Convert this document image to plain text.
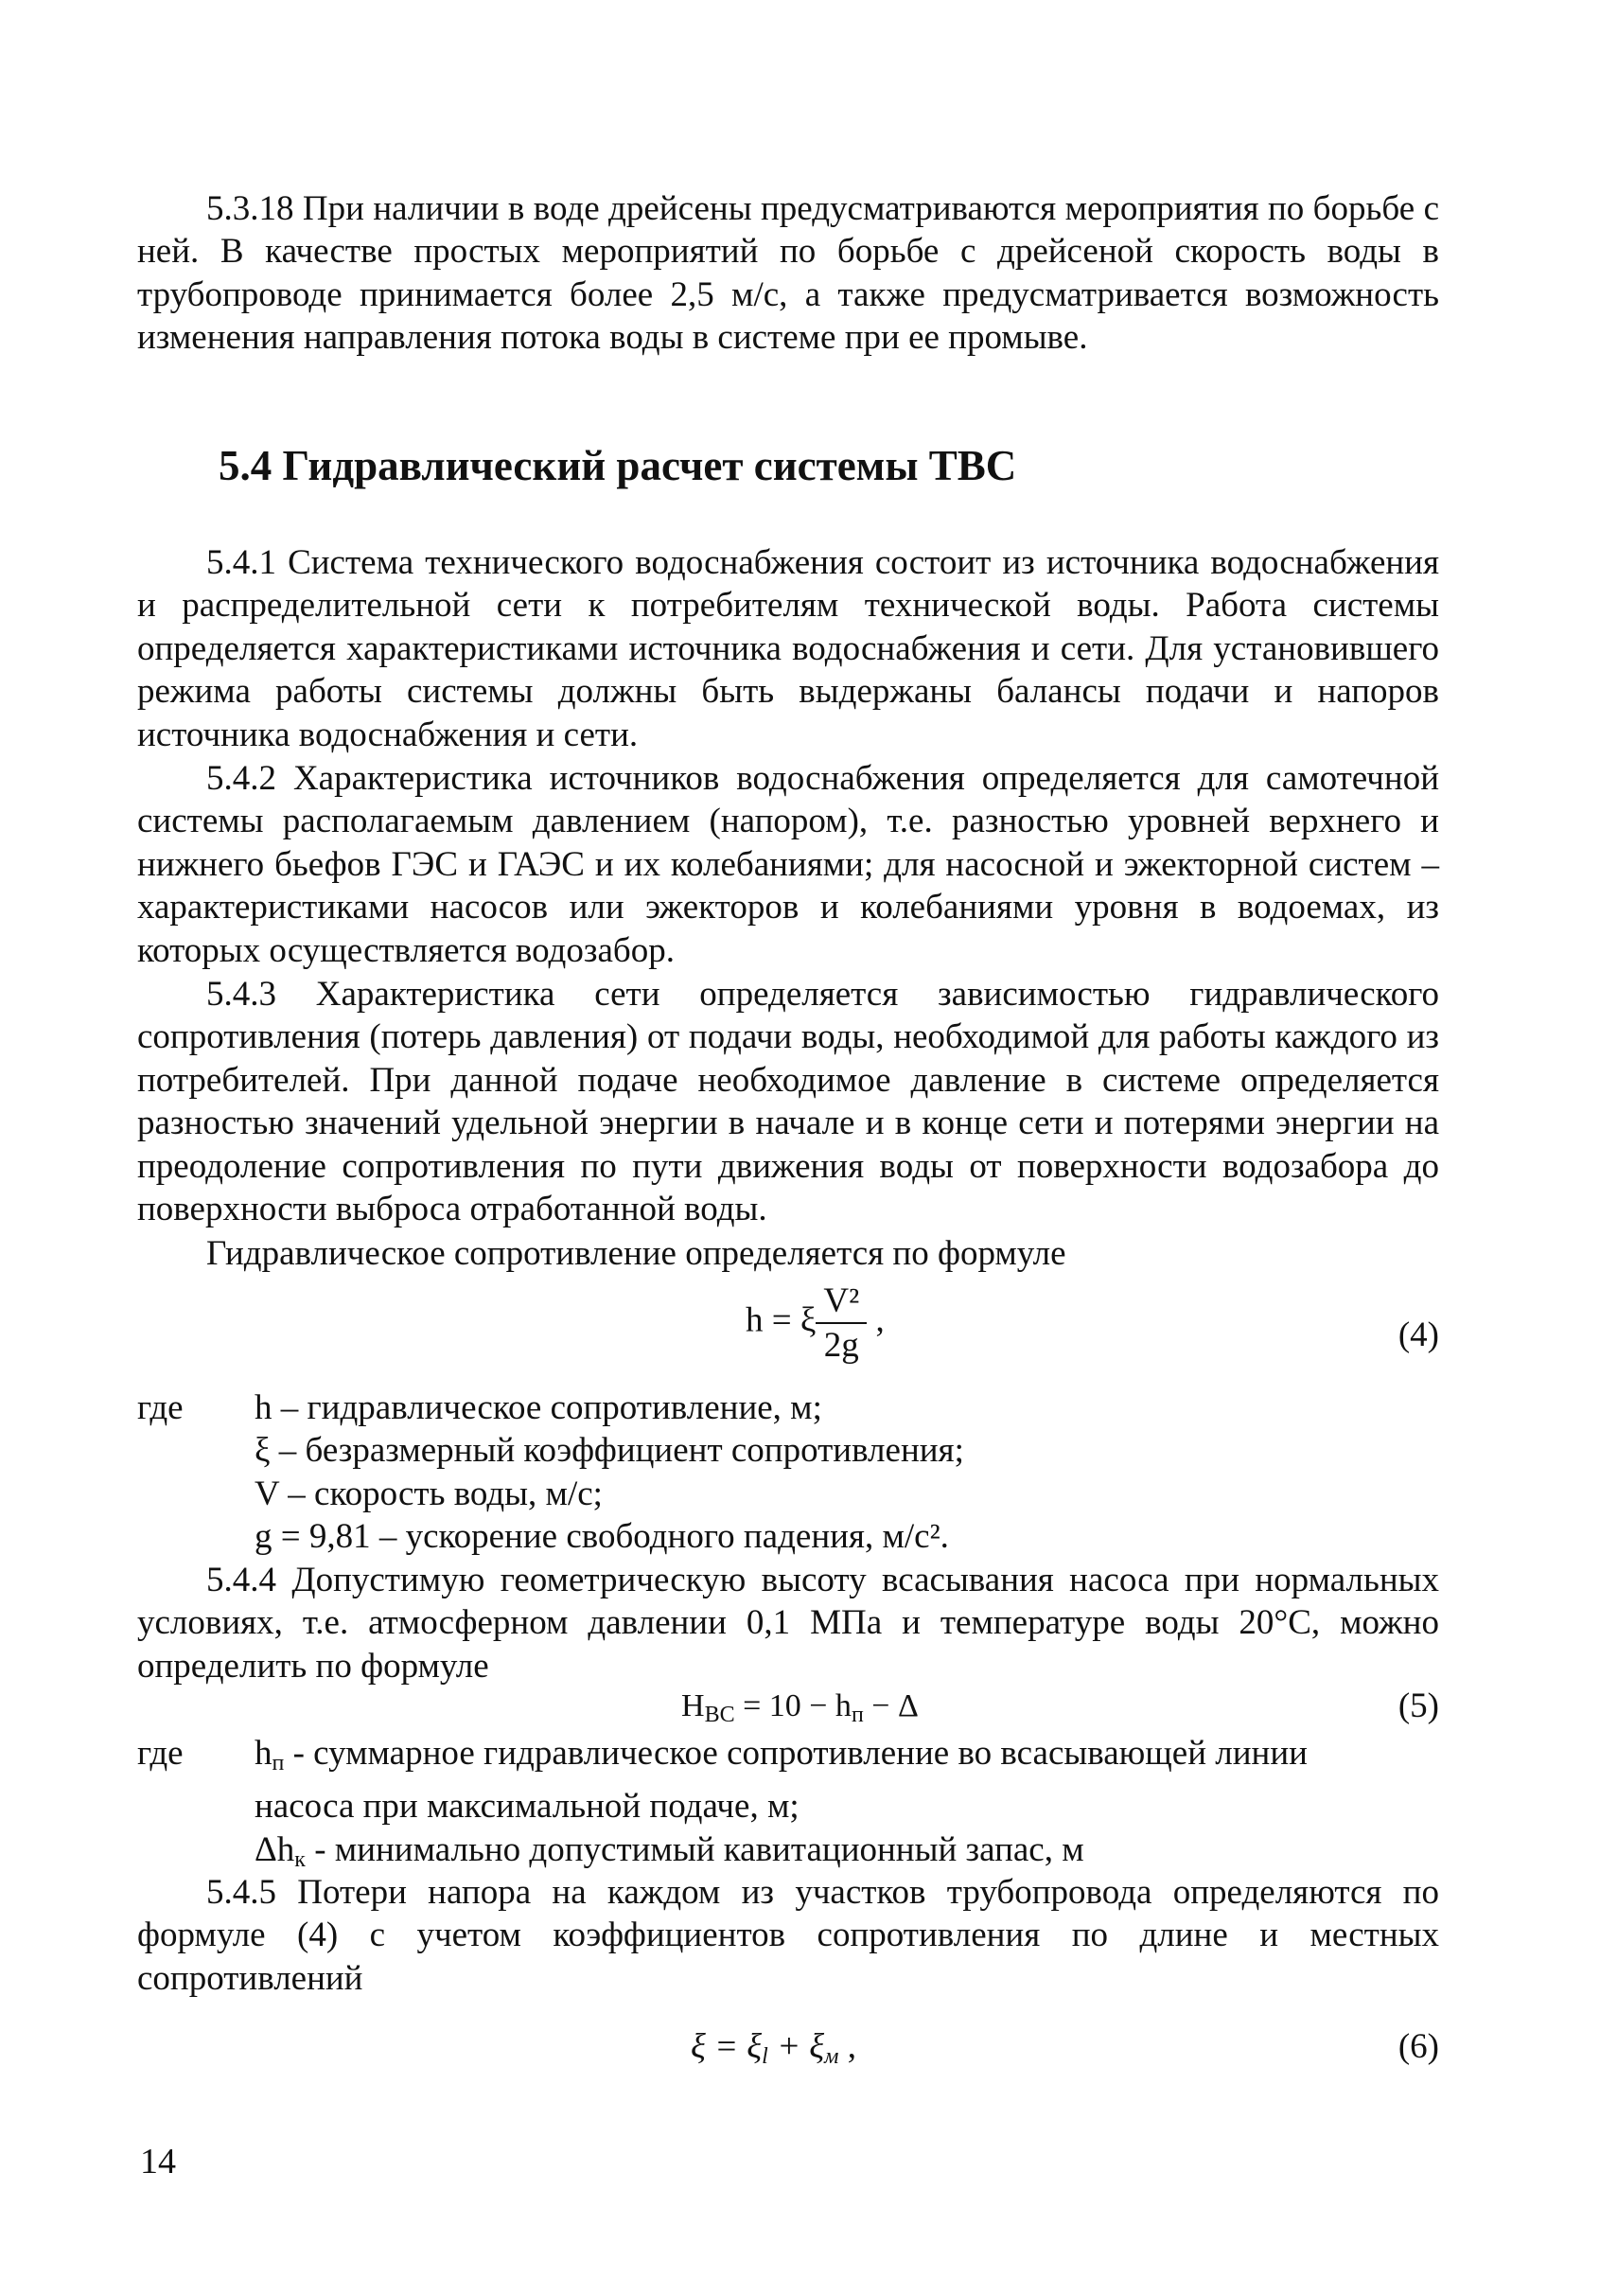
5.3.18 При наличии в воде дрейсены предусматриваются мероприятия по борьбе с ней. В качестве простых мероприятий по борьбе с дрейсеной скорость воды в трубопроводе принимается более 2,5 м/с, а также предусматривается возможность изменения направления потока воды в системе при ее промыве.
5.4 Гидравлический расчет системы ТВС
5.4.1 Система технического водоснабжения состоит из источника водоснабжения и распределительной сети к потребителям технической воды. Работа системы определяется характеристиками источника водоснабжения и сети. Для установившего режима работы системы должны быть выдержаны балансы подачи и напоров источника водоснабжения и сети.
5.4.2 Характеристика источников водоснабжения определяется для самотечной системы располагаемым давлением (напором), т.е. разностью уровней верхнего и нижнего бьефов ГЭС и ГАЭС и их колебаниями; для насосной и эжекторной систем – характеристиками насосов или эжекторов и колебаниями уровня в водоемах, из которых осуществляется водозабор.
5.4.3 Характеристика сети определяется зависимостью гидравлического сопротивления (потерь давления) от подачи воды, необходимой для работы каждого из потребителей. При данной подаче необходимое давление в системе определяется разностью значений удельной энергии в начале и в конце сети и потерями энергии на преодоление сопротивления по пути движения воды от поверхности водозабора до поверхности выброса отработанной воды.
Гидравлическое сопротивление определяется по формуле
h = ξ $\frac{\text{V²}}{2g}$ ,	(4)
где h – гидравлическое сопротивление, м;
ξ – безразмерный коэффициент сопротивления;
V – скорость воды, м/с;
g = 9,81 – ускорение свободного падения, м/с².
5.4.4 Допустимую геометрическую высоту всасывания насоса при нормальных условиях, т.е. атмосферном давлении 0,1 МПа и температуре воды 20°С, можно определить по формуле
$H_{ВС} = 10 - h_п - \Delta$	(5)
где $h_п$ - суммарное гидравлическое сопротивление во всасывающей линии
насоса при максимальной подаче, м;
$\Delta h_к$ - минимально допустимый кавитационный запас, м
5.4.5 Потери напора на каждом из участков трубопровода определяются по формуле (4) с учетом коэффициентов сопротивления по длине и местных сопротивлений
$\xi = \xi_l + \xi_м$ ,	(6)
14
